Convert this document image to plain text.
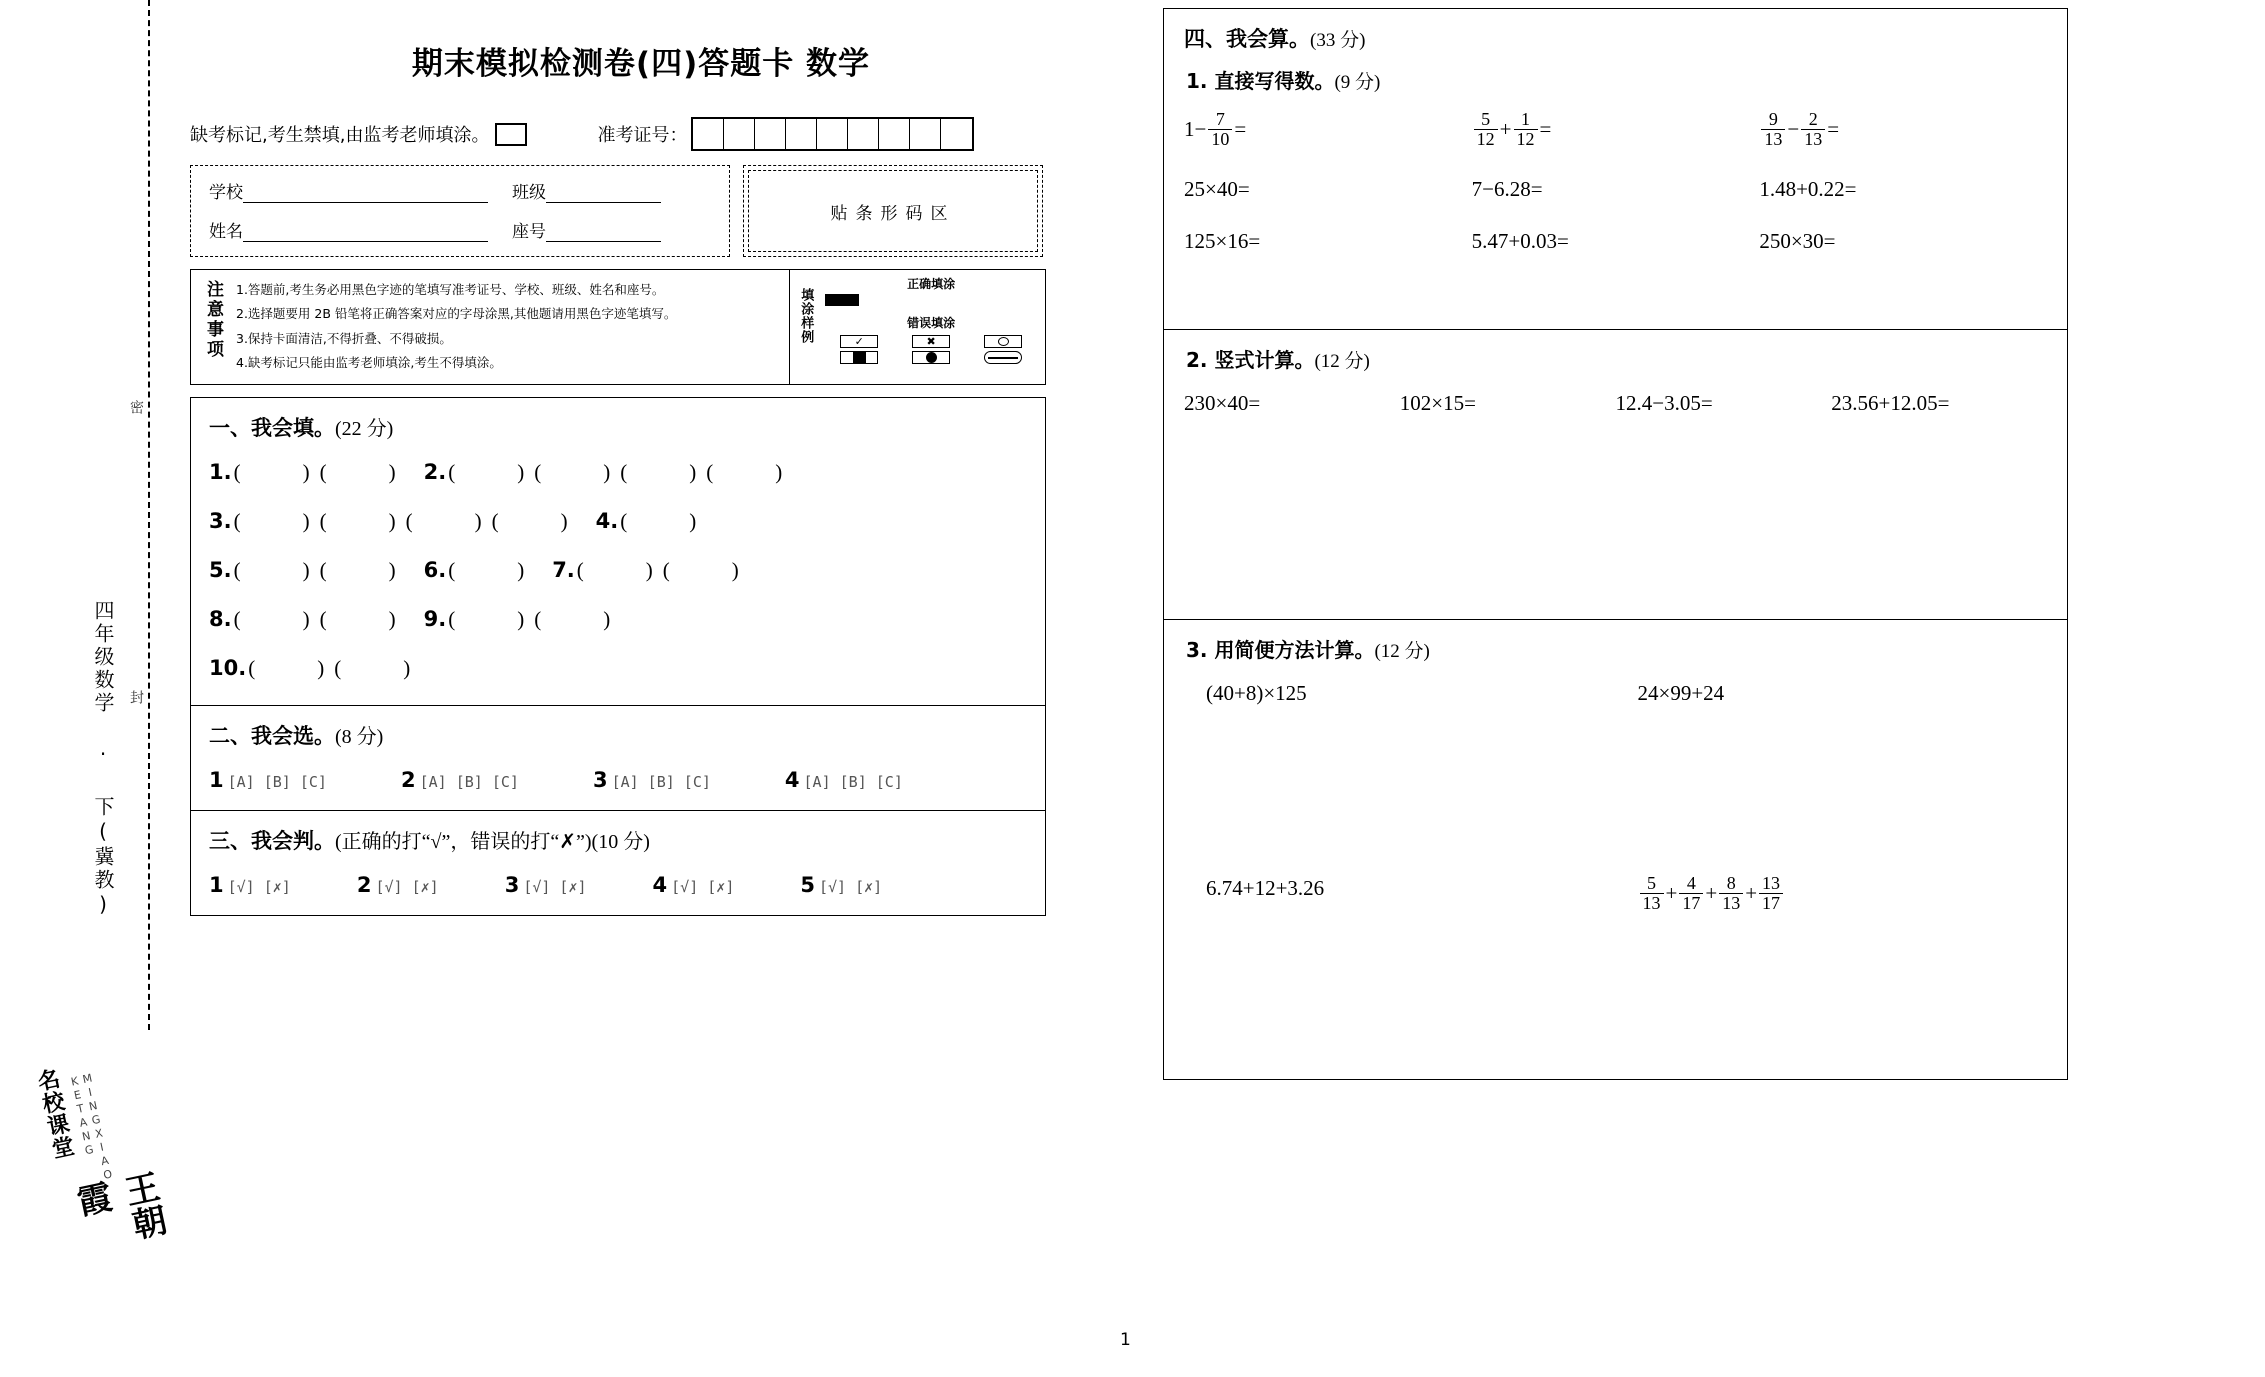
四年级数学 · 下(冀教)
密
封
名校课堂 MINGXIAO KETANG
王朝霞
期末模拟检测卷(四)答题卡 数学
缺考标记,考生禁填,由监考老师填涂。	准考证号：
学校	班级
姓名	座号
贴条形码区
注意事项	1.答题前,考生务必用黑色字迹的笔填写准考证号、学校、班级、姓名和座号。
2.选择题要用 2B 铅笔将正确答案对应的字母涂黑,其他题请用黑色字迹笔填写。
3.保持卡面清洁,不得折叠、不得破损。
4.缺考标记只能由监考老师填涂,考生不得填涂。
填涂样例
正确填涂
错误填涂
✓	✖
一、我会填。(22 分)
1. (  ) (  )	2.
(  )
(  )
(  )
(  )
3. (  ) (  ) (  ) (  )	4.
(  )
5. (  ) (  )	6. (  )	7.
(  )
(  )
8. (  ) (  )	9.
(  )
(  )
10.
(  )
(  )
二、我会选。(8 分)
1 [A] [B] [C]	2 [A] [B] [C]	3 [A] [B] [C]	4 [A] [B] [C]
三、我会判。(正确的打“√”，错误的打“✗”)(10 分)
1 [√] [✗]	2 [√] [✗]	3 [√] [✗]	4 [√] [✗]	5 [√] [✗]
四、我会算。(33 分)
1. 直接写得数。(9 分)
$1- \frac{7}{10}$ =	$\frac{5}{12} + \frac{1}{12}$ =	$\frac{9}{13} - \frac{2}{13}$ =
25×40=	7−6.28=	1.48+0.22=
125×16=	5.47+0.03=	250×30=
2. 竖式计算。(12 分)
230×40=	102×15=	12.4−3.05=	23.56+12.05=
3. 用简便方法计算。(12 分)
(40+8)×125	24×99+24
6.74+12+3.26	$\frac{5}{13} + \frac{4}{17} + \frac{8}{13} + \frac{13}{17}$
1
